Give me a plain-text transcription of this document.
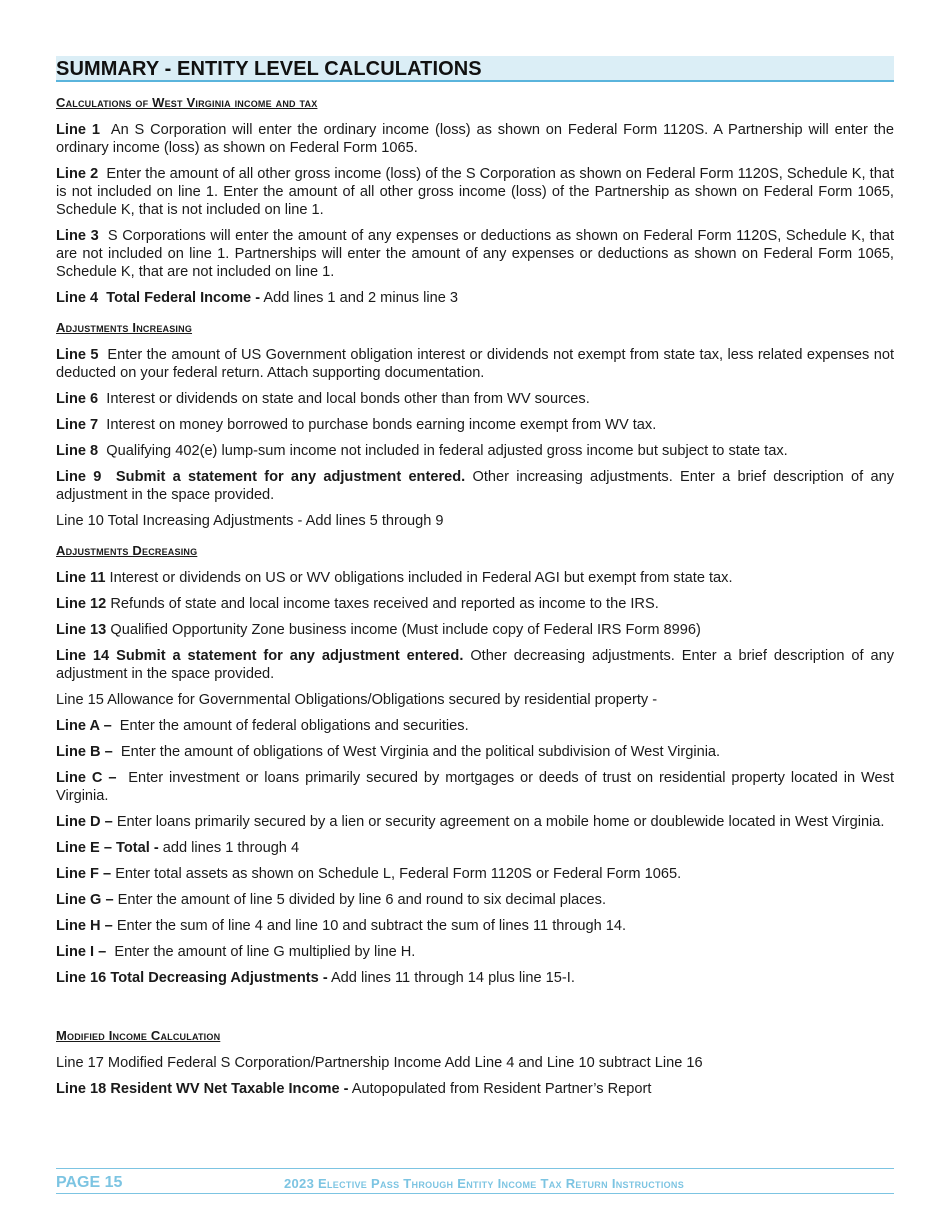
SUMMARY - ENTITY LEVEL CALCULATIONS
Calculations of West Virginia income and tax

Line 1 An S Corporation will enter the ordinary income (loss) as shown on Federal Form 1120S. A Partnership will enter the ordinary income (loss) as shown on Federal Form 1065.

Line 2 Enter the amount of all other gross income (loss) of the S Corporation as shown on Federal Form 1120S, Schedule K, that is not included on line 1. Enter the amount of all other gross income (loss) of the Partnership as shown on Federal Form 1065, Schedule K, that is not included on line 1.

Line 3 S Corporations will enter the amount of any expenses or deductions as shown on Federal Form 1120S, Schedule K, that are not included on line 1. Partnerships will enter the amount of any expenses or deductions as shown on Federal Form 1065, Schedule K, that are not included on line 1.

Line 4 Total Federal Income - Add lines 1 and 2 minus line 3

Adjustments Increasing

Line 5 Enter the amount of US Government obligation interest or dividends not exempt from state tax, less related expenses not deducted on your federal return. Attach supporting documentation.

Line 6 Interest or dividends on state and local bonds other than from WV sources.

Line 7 Interest on money borrowed to purchase bonds earning income exempt from WV tax.

Line 8 Qualifying 402(e) lump-sum income not included in federal adjusted gross income but subject to state tax.

Line 9 Submit a statement for any adjustment entered. Other increasing adjustments. Enter a brief description of any adjustment in the space provided.

Line 10 Total Increasing Adjustments - Add lines 5 through 9

Adjustments Decreasing

Line 11 Interest or dividends on US or WV obligations included in Federal AGI but exempt from state tax.

Line 12 Refunds of state and local income taxes received and reported as income to the IRS.

Line 13 Qualified Opportunity Zone business income (Must include copy of Federal IRS Form 8996)

Line 14 Submit a statement for any adjustment entered. Other decreasing adjustments. Enter a brief description of any adjustment in the space provided.

Line 15 Allowance for Governmental Obligations/Obligations secured by residential property -

Line A – Enter the amount of federal obligations and securities.

Line B – Enter the amount of obligations of West Virginia and the political subdivision of West Virginia.

Line C – Enter investment or loans primarily secured by mortgages or deeds of trust on residential property located in West Virginia.

Line D – Enter loans primarily secured by a lien or security agreement on a mobile home or doublewide located in West Virginia.

Line E – Total - add lines 1 through 4

Line F – Enter total assets as shown on Schedule L, Federal Form 1120S or Federal Form 1065.

Line G – Enter the amount of line 5 divided by line 6 and round to six decimal places.

Line H – Enter the sum of line 4 and line 10 and subtract the sum of lines 11 through 14.

Line I – Enter the amount of line G multiplied by line H.

Line 16 Total Decreasing Adjustments - Add lines 11 through 14 plus line 15-I.

Modified Income Calculation

Line 17 Modified Federal S Corporation/Partnership Income Add Line 4 and Line 10 subtract Line 16

Line 18 Resident WV Net Taxable Income - Autopopulated from Resident Partner’s Report

PAGE 15	2023 Elective Pass Through Entity Income Tax Return Instructions
